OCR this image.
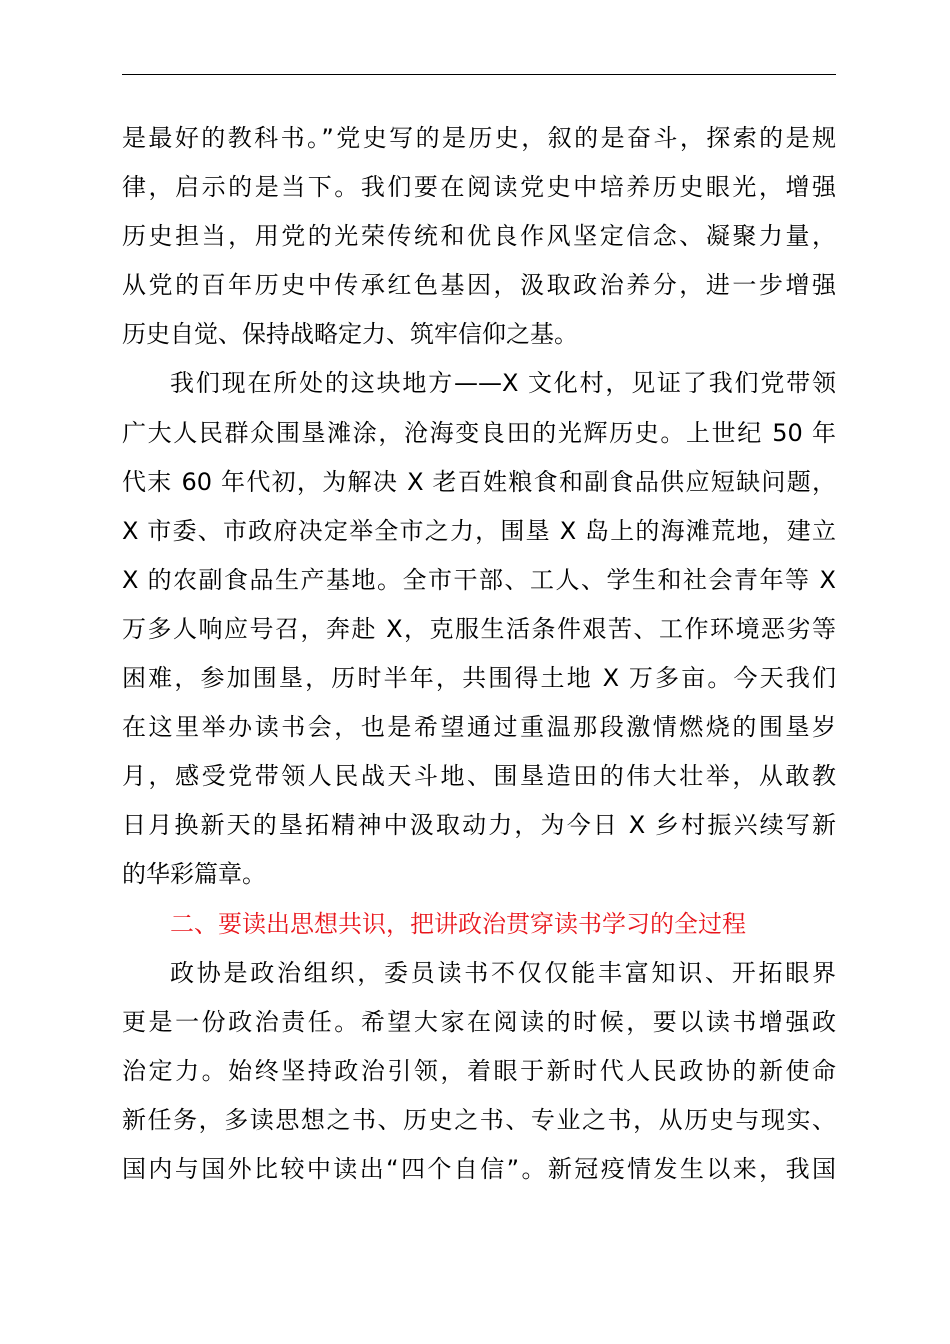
是最好的教科书。”党史写的是历史，叙的是奋斗，探索的是规
律，启示的是当下。我们要在阅读党史中培养历史眼光，增强
历史担当，用党的光荣传统和优良作风坚定信念、凝聚力量，
从党的百年历史中传承红色基因，汲取政治养分，进一步增强
历史自觉、保持战略定力、筑牢信仰之基。
我们现在所处的这块地方——X 文化村，见证了我们党带领
广大人民群众围垦滩涂，沧海变良田的光辉历史。上世纪 50 年
代末 60 年代初，为解决 X 老百姓粮食和副食品供应短缺问题，
X 市委、市政府决定举全市之力，围垦 X 岛上的海滩荒地，建立
X 的农副食品生产基地。全市干部、工人、学生和社会青年等 X
万多人响应号召，奔赴 X，克服生活条件艰苦、工作环境恶劣等
困难，参加围垦，历时半年，共围得土地 X 万多亩。今天我们
在这里举办读书会，也是希望通过重温那段激情燃烧的围垦岁
月，感受党带领人民战天斗地、围垦造田的伟大壮举，从敢教
日月换新天的垦拓精神中汲取动力，为今日 X 乡村振兴续写新
的华彩篇章。
二、要读出思想共识，把讲政治贯穿读书学习的全过程
政协是政治组织，委员读书不仅仅能丰富知识、开拓眼界
更是一份政治责任。希望大家在阅读的时候，要以读书增强政
治定力。始终坚持政治引领，着眼于新时代人民政协的新使命
新任务，多读思想之书、历史之书、专业之书，从历史与现实、
国内与国外比较中读出“四个自信”。新冠疫情发生以来，我国
